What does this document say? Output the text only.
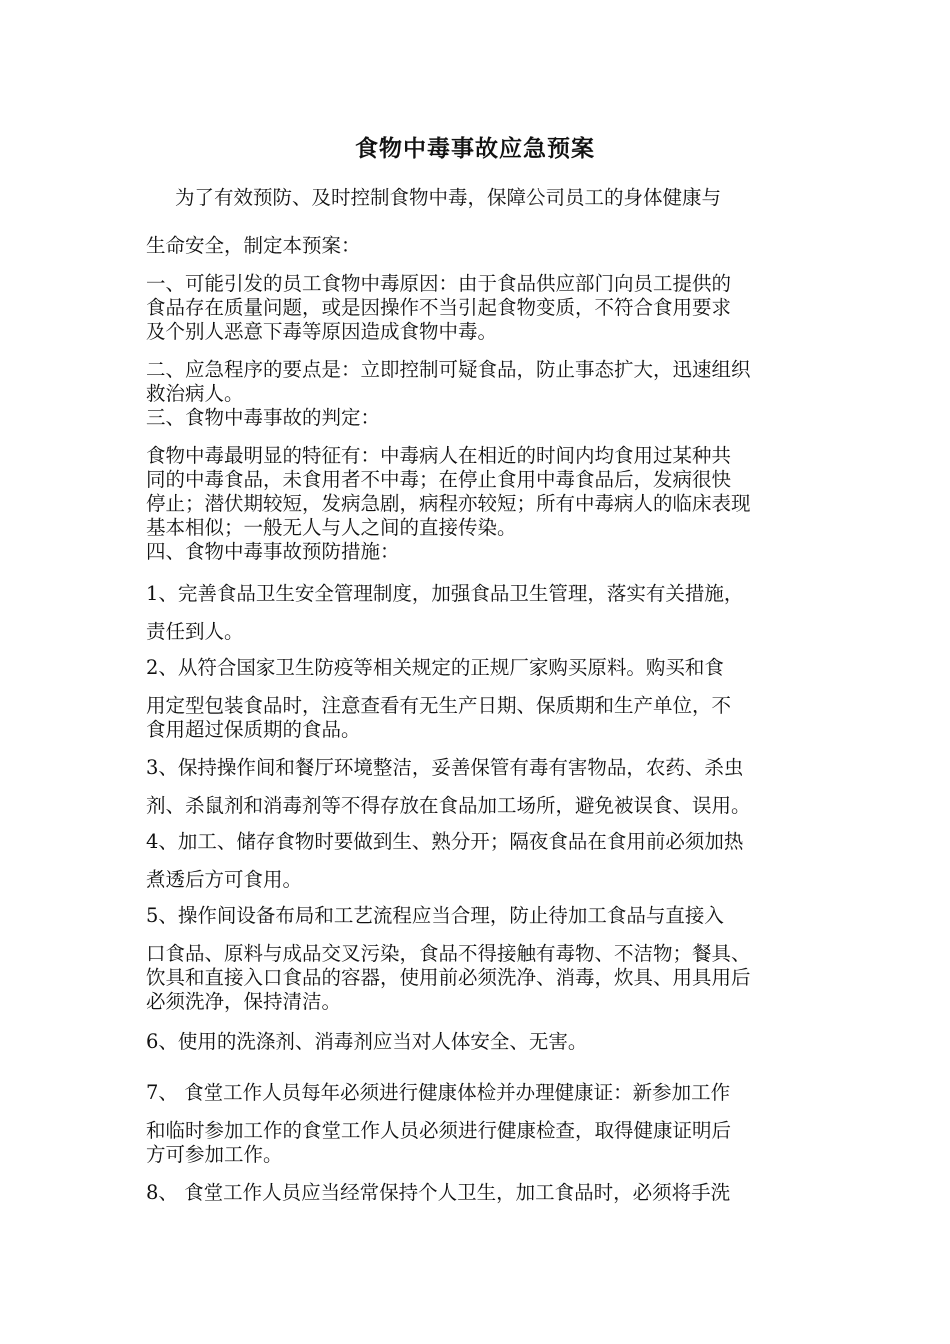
食物中毒事故应急预案
为了有效预防、及时控制食物中毒，保障公司员工的身体健康与
生命安全，制定本预案：
一、可能引发的员工食物中毒原因：由于食品供应部门向员工提供的
食品存在质量问题，或是因操作不当引起食物变质，不符合食用要求
及个别人恶意下毒等原因造成食物中毒。
二、应急程序的要点是：立即控制可疑食品，防止事态扩大，迅速组织
救治病人。
三、食物中毒事故的判定：
食物中毒最明显的特征有：中毒病人在相近的时间内均食用过某种共
同的中毒食品，未食用者不中毒；在停止食用中毒食品后，发病很快
停止；潜伏期较短，发病急剧，病程亦较短；所有中毒病人的临床表现
基本相似；一般无人与人之间的直接传染。
四、食物中毒事故预防措施：
1、完善食品卫生安全管理制度，加强食品卫生管理，落实有关措施，
责任到人。
2、从符合国家卫生防疫等相关规定的正规厂家购买原料。购买和食
用定型包装食品时，注意查看有无生产日期、保质期和生产单位，不
食用超过保质期的食品。
3、保持操作间和餐厅环境整洁，妥善保管有毒有害物品，农药、杀虫
剂、杀鼠剂和消毒剂等不得存放在食品加工场所，避免被误食、误用。
4、加工、储存食物时要做到生、熟分开；隔夜食品在食用前必须加热
煮透后方可食用。
5、操作间设备布局和工艺流程应当合理，防止待加工食品与直接入
口食品、原料与成品交叉污染，食品不得接触有毒物、不洁物；餐具、
饮具和直接入口食品的容器，使用前必须洗净、消毒，炊具、用具用后
必须洗净，保持清洁。
6、使用的洗涤剂、消毒剂应当对人体安全、无害。
7、 食堂工作人员每年必须进行健康体检并办理健康证：新参加工作
和临时参加工作的食堂工作人员必须进行健康检查，取得健康证明后
方可参加工作。
8、 食堂工作人员应当经常保持个人卫生，加工食品时，必须将手洗
